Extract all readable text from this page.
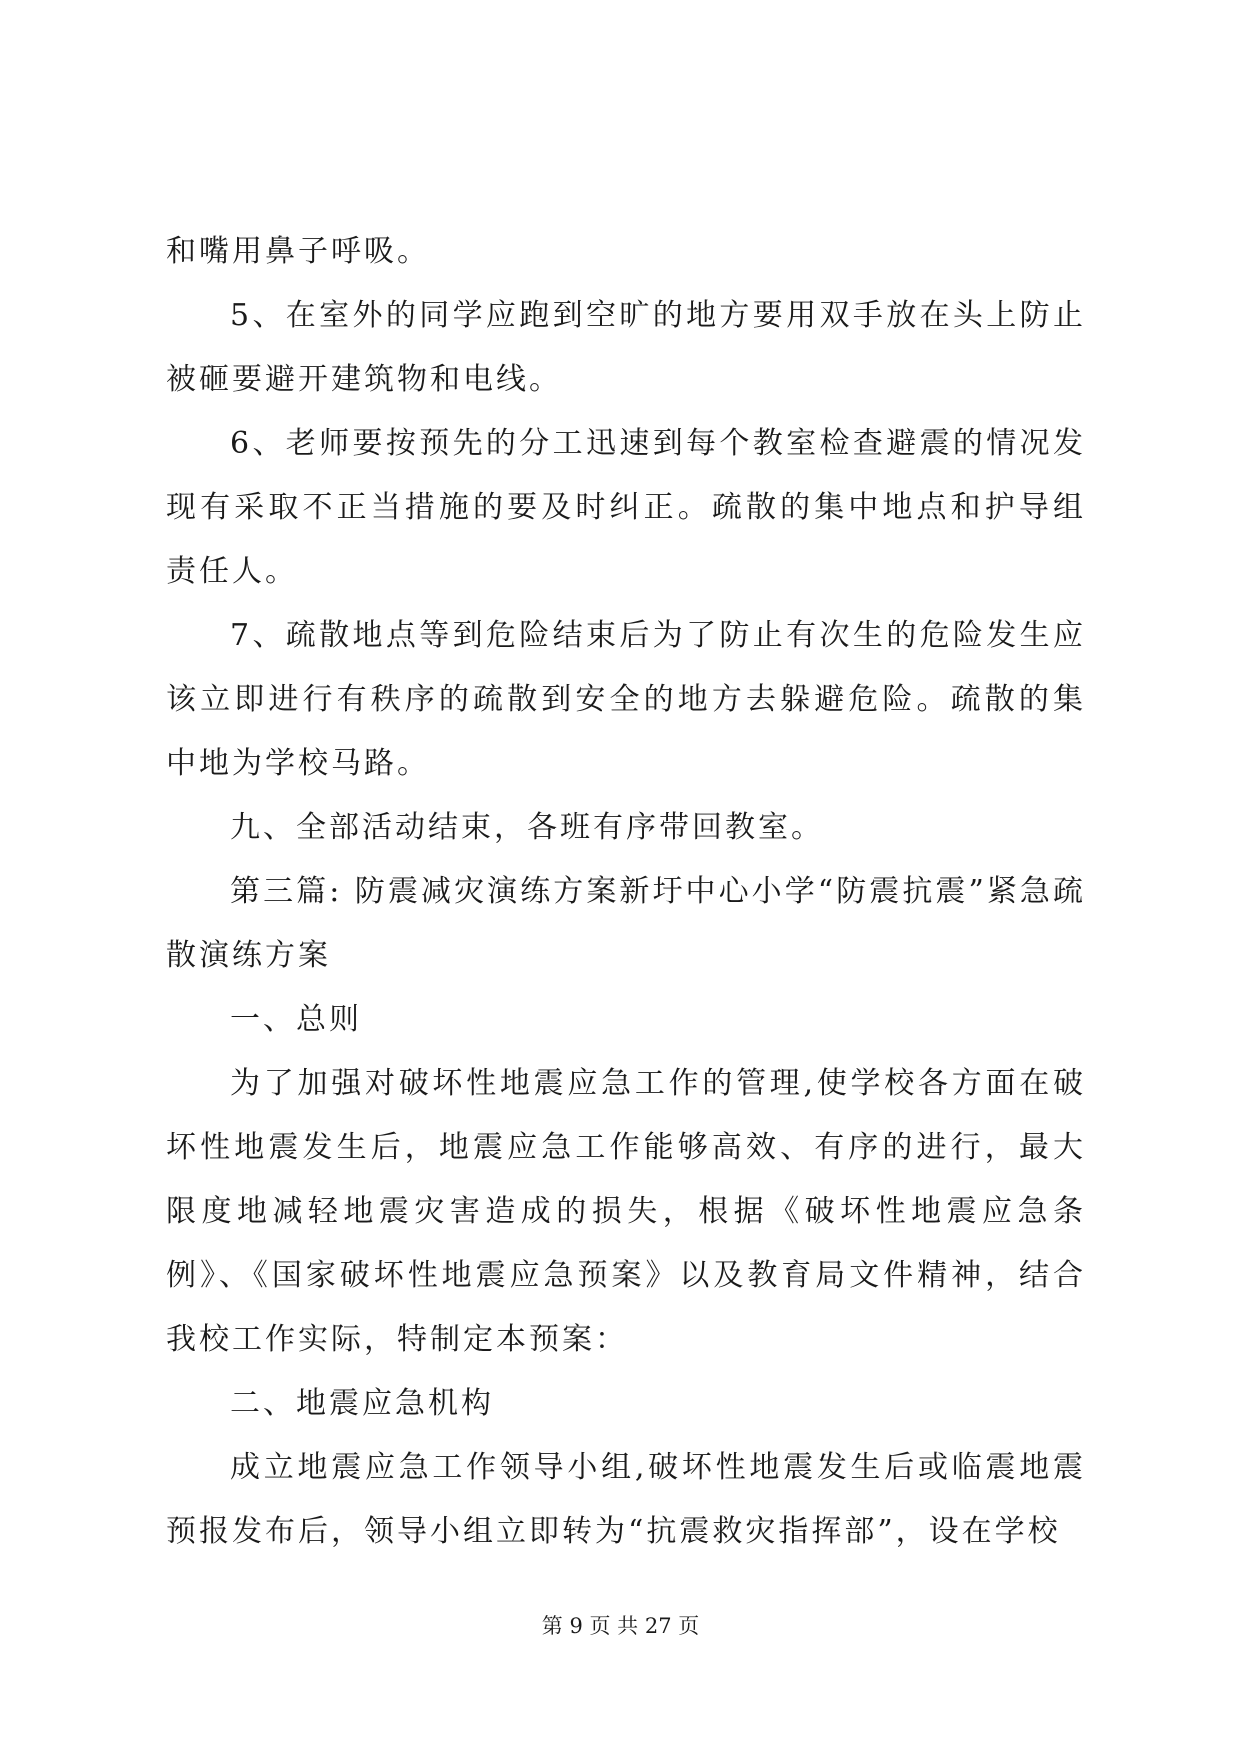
和嘴用鼻子呼吸。

5、在室外的同学应跑到空旷的地方要用双手放在头上防止被砸要避开建筑物和电线。

6、老师要按预先的分工迅速到每个教室检查避震的情况发现有采取不正当措施的要及时纠正。疏散的集中地点和护导组责任人。

7、疏散地点等到危险结束后为了防止有次生的危险发生应该立即进行有秩序的疏散到安全的地方去躲避危险。疏散的集中地为学校马路。

九、全部活动结束，各班有序带回教室。

第三篇: 防震减灾演练方案新圩中心小学“防震抗震”紧急疏散演练方案

一、总则

为了加强对破坏性地震应急工作的管理,使学校各方面在破坏性地震发生后，地震应急工作能够高效、有序的进行，最大限度地减轻地震灾害造成的损失，根据《破坏性地震应急条例》、《国家破坏性地震应急预案》以及教育局文件精神，结合我校工作实际，特制定本预案：

二、地震应急机构

成立地震应急工作领导小组,破坏性地震发生后或临震地震预报发布后，领导小组立即转为“抗震救灾指挥部”，设在学校

第 9 页 共 27 页
